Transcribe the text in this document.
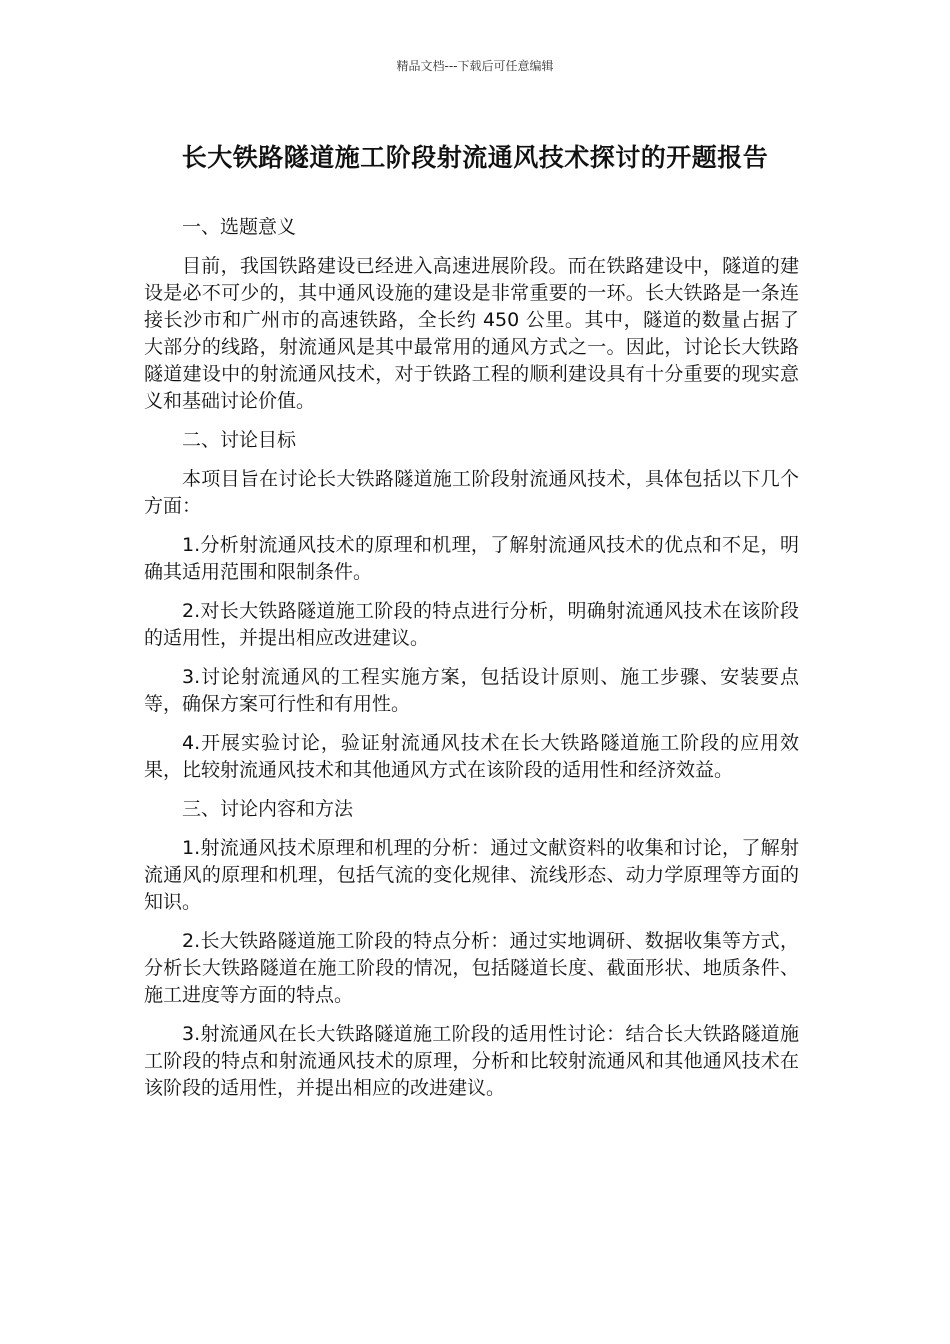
精品文档---下载后可任意编辑
长大铁路隧道施工阶段射流通风技术探讨的开题报告
一、选题意义
目前，我国铁路建设已经进入高速进展阶段。而在铁路建设中，隧道的建设是必不可少的，其中通风设施的建设是非常重要的一环。长大铁路是一条连接长沙市和广州市的高速铁路，全长约 450 公里。其中，隧道的数量占据了大部分的线路，射流通风是其中最常用的通风方式之一。因此，讨论长大铁路隧道建设中的射流通风技术，对于铁路工程的顺利建设具有十分重要的现实意义和基础讨论价值。
二、讨论目标
本项目旨在讨论长大铁路隧道施工阶段射流通风技术，具体包括以下几个方面：
1.分析射流通风技术的原理和机理，了解射流通风技术的优点和不足，明确其适用范围和限制条件。
2.对长大铁路隧道施工阶段的特点进行分析，明确射流通风技术在该阶段的适用性，并提出相应改进建议。
3.讨论射流通风的工程实施方案，包括设计原则、施工步骤、安装要点等，确保方案可行性和有用性。
4.开展实验讨论，验证射流通风技术在长大铁路隧道施工阶段的应用效果，比较射流通风技术和其他通风方式在该阶段的适用性和经济效益。
三、讨论内容和方法
1.射流通风技术原理和机理的分析：通过文献资料的收集和讨论，了解射流通风的原理和机理，包括气流的变化规律、流线形态、动力学原理等方面的知识。
2.长大铁路隧道施工阶段的特点分析：通过实地调研、数据收集等方式，分析长大铁路隧道在施工阶段的情况，包括隧道长度、截面形状、地质条件、施工进度等方面的特点。
3.射流通风在长大铁路隧道施工阶段的适用性讨论：结合长大铁路隧道施工阶段的特点和射流通风技术的原理，分析和比较射流通风和其他通风技术在该阶段的适用性，并提出相应的改进建议。
